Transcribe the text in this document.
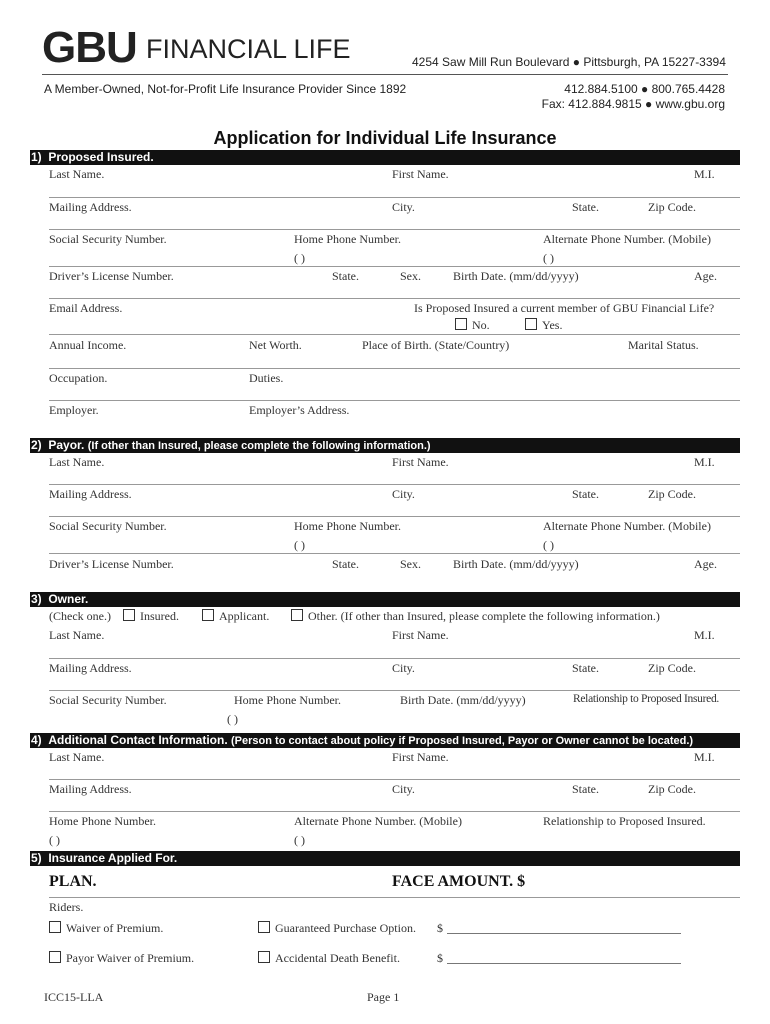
GBU FINANCIAL LIFE	4254 Saw Mill Run Boulevard ● Pittsburgh, PA 15227-3394
A Member-Owned, Not-for-Profit Life Insurance Provider Since 1892	412.884.5100 ● 800.765.4428
Fax: 412.884.9815 ● www.gbu.org
Application for Individual Life Insurance
1) Proposed Insured.
Last Name.	First Name.	M.I.
Mailing Address.	City.	State.	Zip Code.
Social Security Number.	Home Phone Number.	Alternate Phone Number. (Mobile)
( )	( )
Driver’s License Number.	State.	Sex.	Birth Date. (mm/dd/yyyy)	Age.
Email Address.	Is Proposed Insured a current member of GBU Financial Life?
No.	Yes.
Annual Income.	Net Worth.	Place of Birth. (State/Country)	Marital Status.
Occupation.	Duties.
Employer.	Employer’s Address.
2) Payor. (If other than Insured, please complete the following information.)
Last Name.	First Name.	M.I.
Mailing Address.	City.	State.	Zip Code.
Social Security Number.	Home Phone Number.	Alternate Phone Number. (Mobile)
( )	( )
Driver’s License Number.	State.	Sex.	Birth Date. (mm/dd/yyyy)	Age.
3) Owner.
(Check one.)	Insured.	Applicant.	Other. (If other than Insured, please complete the following information.)
Last Name.	First Name.	M.I.
Mailing Address.	City.	State.	Zip Code.
Social Security Number.	Home Phone Number.	Birth Date. (mm/dd/yyyy)	Relationship to Proposed Insured.
( )
4) Additional Contact Information. (Person to contact about policy if Proposed Insured, Payor or Owner cannot be located.)
Last Name.	First Name.	M.I.
Mailing Address.	City.	State.	Zip Code.
Home Phone Number.	Alternate Phone Number. (Mobile)	Relationship to Proposed Insured.
( )	( )
5) Insurance Applied For.
PLAN.	FACE AMOUNT. $
Riders.
Waiver of Premium.	Guaranteed Purchase Option. $
Payor Waiver of Premium.	Accidental Death Benefit.	$
ICC15-LLA	Page 1
